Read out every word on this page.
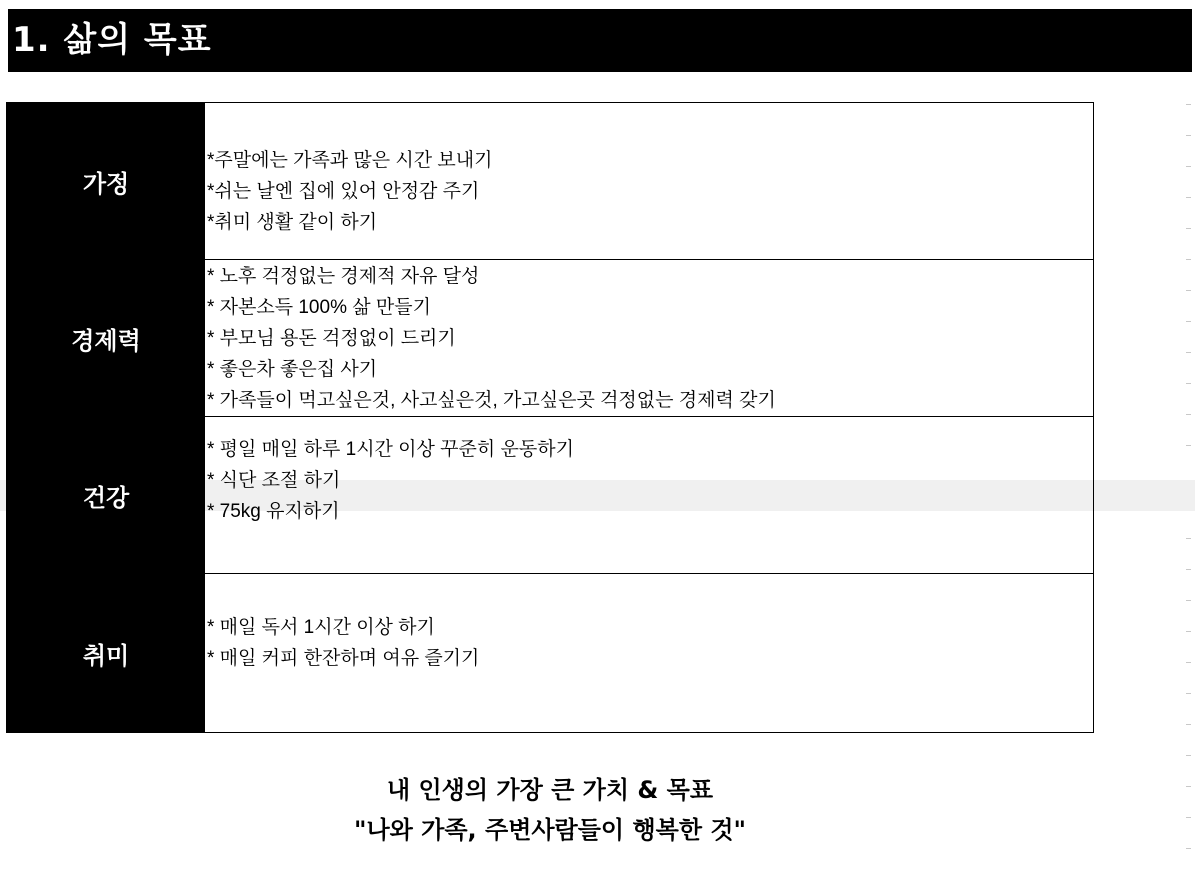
1. 삶의 목표
가정
*주말에는 가족과 많은 시간 보내기
*쉬는 날엔 집에 있어 안정감 주기
*취미 생활 같이 하기
경제력
* 노후 걱정없는 경제적 자유 달성
* 자본소득 100% 삶 만들기
* 부모님 용돈 걱정없이 드리기
* 좋은차 좋은집 사기
* 가족들이 먹고싶은것, 사고싶은것, 가고싶은곳 걱정없는 경제력 갖기
건강
* 평일 매일 하루 1시간 이상 꾸준히 운동하기
* 식단 조절 하기
* 75kg 유지하기
취미
* 매일 독서 1시간 이상 하기
* 매일 커피 한잔하며 여유 즐기기
내 인생의 가장 큰 가치 & 목표
"나와 가족, 주변사람들이 행복한 것"
